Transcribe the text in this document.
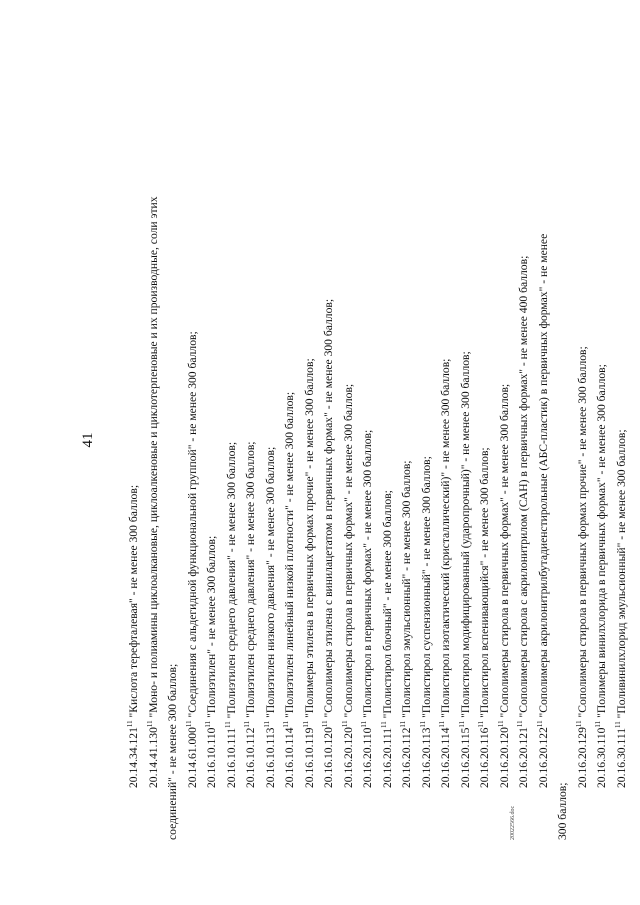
41
20.14.34.121$^{11}$ "Кислота терефталевая" - не менее 300 баллов;
20.14.41.130$^{11}$ "Моно- и полиамины циклоалкановые, циклоалкеновые и циклотерпеновые и их производные, соли этих
соединений" - не менее 300 баллов; 20.14.61.000$^{11}$ "Соединения с альдегидной функциональной группой" - не менее 300 баллов;
20.16.10.110$^{11}$ "Полиэтилен" - не менее 300 баллов;
20.16.10.111$^{11}$ "Полиэтилен среднего давления" - не менее 300 баллов;
20.16.10.112$^{11}$ "Полиэтилен среднего давления" - не менее 300 баллов;
20.16.10.113$^{11}$ "Полиэтилен низкого давления" - не менее 300 баллов;
20.16.10.114$^{11}$ "Полиэтилен линейный низкой плотности" - не менее 300 баллов;
20.16.10.119$^{11}$ "Полимеры этилена в первичных формах прочие" - не менее 300 баллов;
20.16.10.120$^{11}$ "Сополимеры этилена с винилацетатом в первичных формах" - не менее 300 баллов;
20.16.20.120$^{11}$ "Сополимеры стирола в первичных формах" - не менее 300 баллов;
20.16.20.110$^{11}$ "Полистирол в первичных формах" - не менее 300 баллов;
20.16.20.111$^{11}$ "Полистирол блочный" - не менее 300 баллов;
20.16.20.112$^{11}$ "Полистирол эмульсионный" - не менее 300 баллов;
20.16.20.113$^{11}$ "Полистирол суспензионный" - не менее 300 баллов;
20.16.20.114$^{11}$ "Полистирол изотактический (кристаллический)" - не менее 300 баллов;
20.16.20.115$^{11}$ "Полистирол модифицированный (ударопрочный)" - не менее 300 баллов;
20.16.20.116$^{11}$ "Полистирол вспенивающийся" - не менее 300 баллов;
20.16.20.120$^{11}$ "Сополимеры стирола в первичных формах" - не менее 300 баллов;
20.16.20.121$^{11}$ "Сополимеры стирола с акрилонитрилом (САН) в первичных формах" - не менее 400 баллов;
20.16.20.122$^{11}$ "Сополимеры акрилонитрилбутадиенстирольные (АБС-пластик) в первичных формах" - не менее
300 баллов;
20.16.20.129$^{11}$ "Сополимеры стирола в первичных формах прочие" - не менее 300 баллов;
20.16.30.110$^{11}$ "Полимеры винилхлорида в первичных формах" - не менее 300 баллов;
20.16.30.111$^{11}$ "Поливинилхлорид эмульсионный" - не менее 300 баллов;
20022566.doc
